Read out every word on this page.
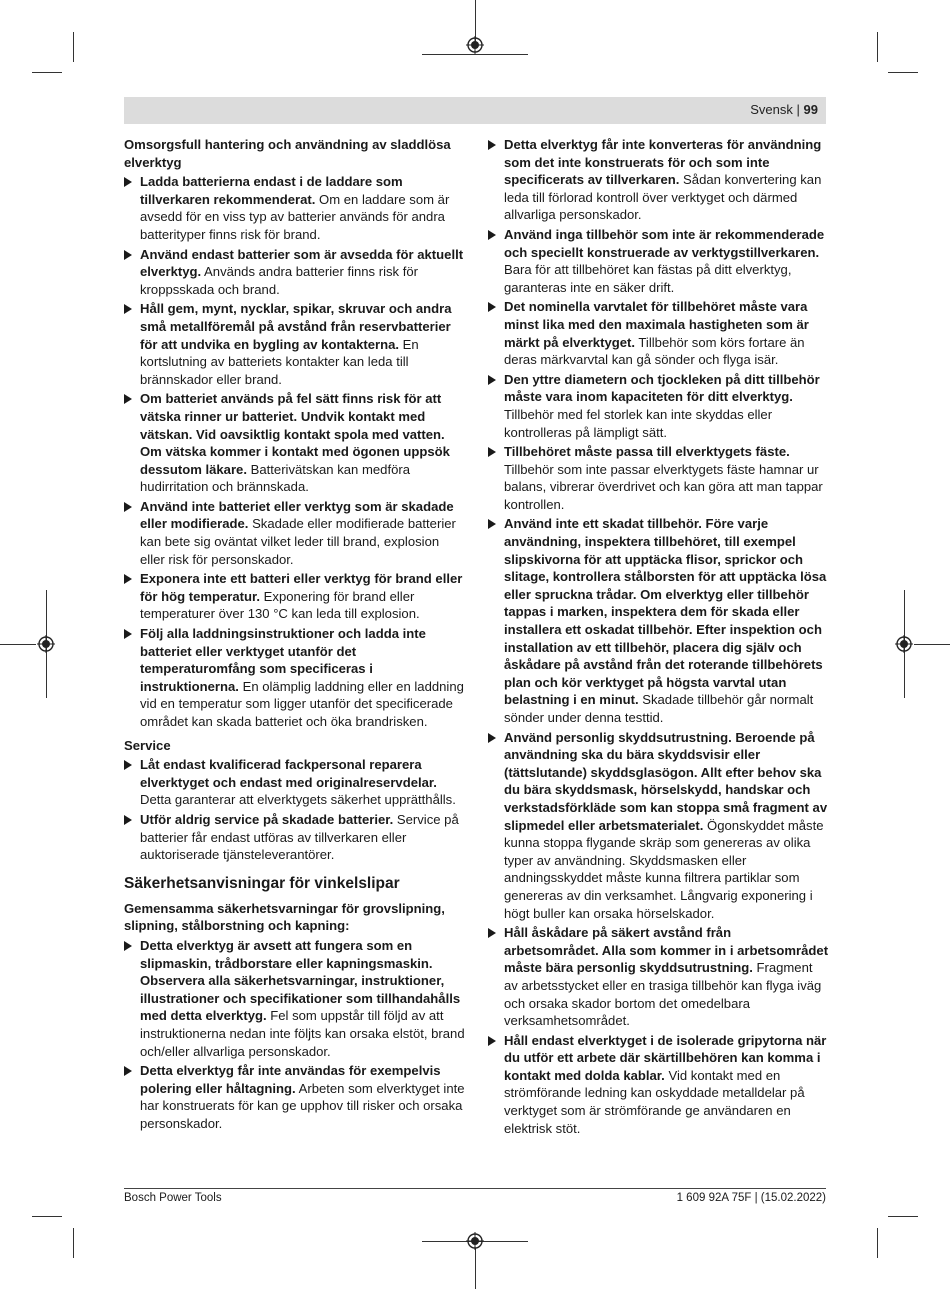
Svensk | 99
Omsorgsfull hantering och användning av sladdlösa elverktyg
Ladda batterierna endast i de laddare som tillverkaren rekommenderat. Om en laddare som är avsedd för en viss typ av batterier används för andra batterityper finns risk för brand.
Använd endast batterier som är avsedda för aktuellt elverktyg. Används andra batterier finns risk för kroppsskada och brand.
Håll gem, mynt, nycklar, spikar, skruvar och andra små metallföremål på avstånd från reservbatterier för att undvika en bygling av kontakterna. En kortslutning av batteriets kontakter kan leda till brännskador eller brand.
Om batteriet används på fel sätt finns risk för att vätska rinner ur batteriet. Undvik kontakt med vätskan. Vid oavsiktlig kontakt spola med vatten. Om vätska kommer i kontakt med ögonen uppsök dessutom läkare. Batterivätskan kan medföra hudirritation och brännskada.
Använd inte batteriet eller verktyg som är skadade eller modifierade. Skadade eller modifierade batterier kan bete sig oväntat vilket leder till brand, explosion eller risk för personskador.
Exponera inte ett batteri eller verktyg för brand eller för hög temperatur. Exponering för brand eller temperaturer över 130 °C kan leda till explosion.
Följ alla laddningsinstruktioner och ladda inte batteriet eller verktyget utanför det temperaturomfång som specificeras i instruktionerna. En olämplig laddning eller en laddning vid en temperatur som ligger utanför det specificerade området kan skada batteriet och öka brandrisken.
Service
Låt endast kvalificerad fackpersonal reparera elverktyget och endast med originalreservdelar. Detta garanterar att elverktygets säkerhet upprätthålls.
Utför aldrig service på skadade batterier. Service på batterier får endast utföras av tillverkaren eller auktoriserade tjänsteleverantörer.
Säkerhetsanvisningar för vinkelslipar
Gemensamma säkerhetsvarningar för grovslipning, slipning, stålborstning och kapning:
Detta elverktyg är avsett att fungera som en slipmaskin, trådborstare eller kapningsmaskin. Observera alla säkerhetsvarningar, instruktioner, illustrationer och specifikationer som tillhandahålls med detta elverktyg. Fel som uppstår till följd av att instruktionerna nedan inte följts kan orsaka elstöt, brand och/eller allvarliga personskador.
Detta elverktyg får inte användas för exempelvis polering eller håltagning. Arbeten som elverktyget inte har konstruerats för kan ge upphov till risker och orsaka personskador.
Detta elverktyg får inte konverteras för användning som det inte konstruerats för och som inte specificerats av tillverkaren. Sådan konvertering kan leda till förlorad kontroll över verktyget och därmed allvarliga personskador.
Använd inga tillbehör som inte är rekommenderade och speciellt konstruerade av verktygstillverkaren. Bara för att tillbehöret kan fästas på ditt elverktyg, garanteras inte en säker drift.
Det nominella varvtalet för tillbehöret måste vara minst lika med den maximala hastigheten som är märkt på elverktyget. Tillbehör som körs fortare än deras märkvarvtal kan gå sönder och flyga isär.
Den yttre diametern och tjockleken på ditt tillbehör måste vara inom kapaciteten för ditt elverktyg. Tillbehör med fel storlek kan inte skyddas eller kontrolleras på lämpligt sätt.
Tillbehöret måste passa till elverktygets fäste. Tillbehör som inte passar elverktygets fäste hamnar ur balans, vibrerar överdrivet och kan göra att man tappar kontrollen.
Använd inte ett skadat tillbehör. Före varje användning, inspektera tillbehöret, till exempel slipskivorna för att upptäcka flisor, sprickor och slitage, kontrollera stålborsten för att upptäcka lösa eller spruckna trådar. Om elverktyg eller tillbehör tappas i marken, inspektera dem för skada eller installera ett oskadat tillbehör. Efter inspektion och installation av ett tillbehör, placera dig själv och åskådare på avstånd från det roterande tillbehörets plan och kör verktyget på högsta varvtal utan belastning i en minut. Skadade tillbehör går normalt sönder under denna testtid.
Använd personlig skyddsutrustning. Beroende på användning ska du bära skyddsvisir eller (tättslutande) skyddsglasögon. Allt efter behov ska du bära skyddsmask, hörselskydd, handskar och verkstadsförkläde som kan stoppa små fragment av slipmedel eller arbetsmaterialet. Ögonskyddet måste kunna stoppa flygande skräp som genereras av olika typer av användning. Skyddsmasken eller andningsskyddet måste kunna filtrera partiklar som genereras av din verksamhet. Långvarig exponering i högt buller kan orsaka hörselskador.
Håll åskådare på säkert avstånd från arbetsområdet. Alla som kommer in i arbetsområdet måste bära personlig skyddsutrustning. Fragment av arbetsstycket eller en trasiga tillbehör kan flyga iväg och orsaka skador bortom det omedelbara verksamhetsområdet.
Håll endast elverktyget i de isolerade gripytorna när du utför ett arbete där skärtillbehören kan komma i kontakt med dolda kablar. Vid kontakt med en strömförande ledning kan oskyddade metalldelar på verktyget som är strömförande ge användaren en elektrisk stöt.
Bosch Power Tools	1 609 92A 75F | (15.02.2022)
